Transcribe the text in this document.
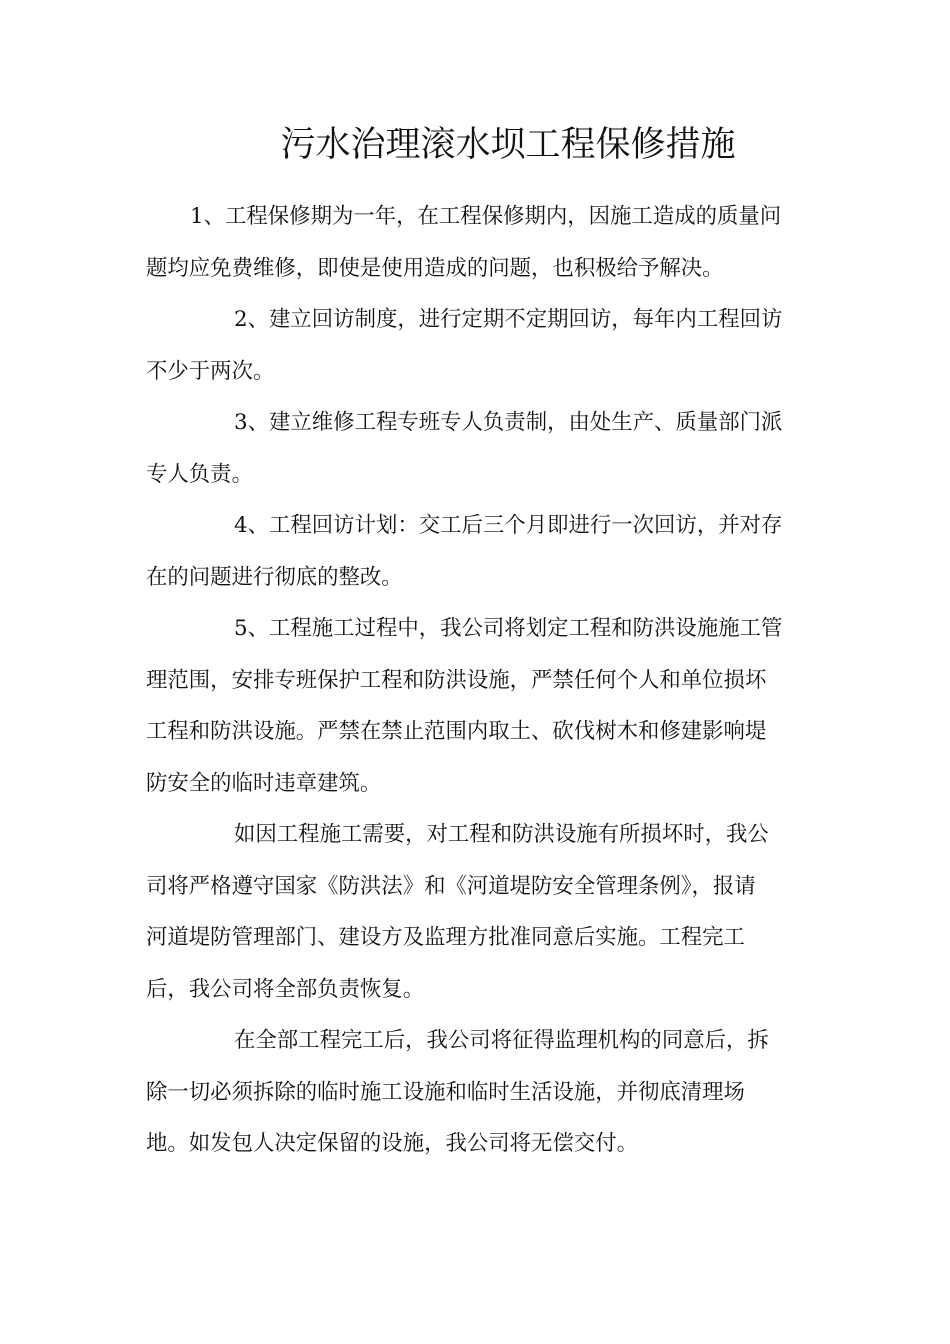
污水治理滚水坝工程保修措施

1、工程保修期为一年，在工程保修期内，因施工造成的质量问
题均应免费维修，即使是使用造成的问题，也积极给予解决。

2、建立回访制度，进行定期不定期回访，每年内工程回访
不少于两次。

3、建立维修工程专班专人负责制，由处生产、质量部门派
专人负责。

4、工程回访计划：交工后三个月即进行一次回访，并对存
在的问题进行彻底的整改。

5、工程施工过程中，我公司将划定工程和防洪设施施工管
理范围，安排专班保护工程和防洪设施，严禁任何个人和单位损坏
工程和防洪设施。严禁在禁止范围内取土、砍伐树木和修建影响堤
防安全的临时违章建筑。

如因工程施工需要，对工程和防洪设施有所损坏时，我公
司将严格遵守国家《防洪法》和《河道堤防安全管理条例》，报请
河道堤防管理部门、建设方及监理方批准同意后实施。工程完工
后，我公司将全部负责恢复。

在全部工程完工后，我公司将征得监理机构的同意后，拆
除一切必须拆除的临时施工设施和临时生活设施，并彻底清理场
地。如发包人决定保留的设施，我公司将无偿交付。
